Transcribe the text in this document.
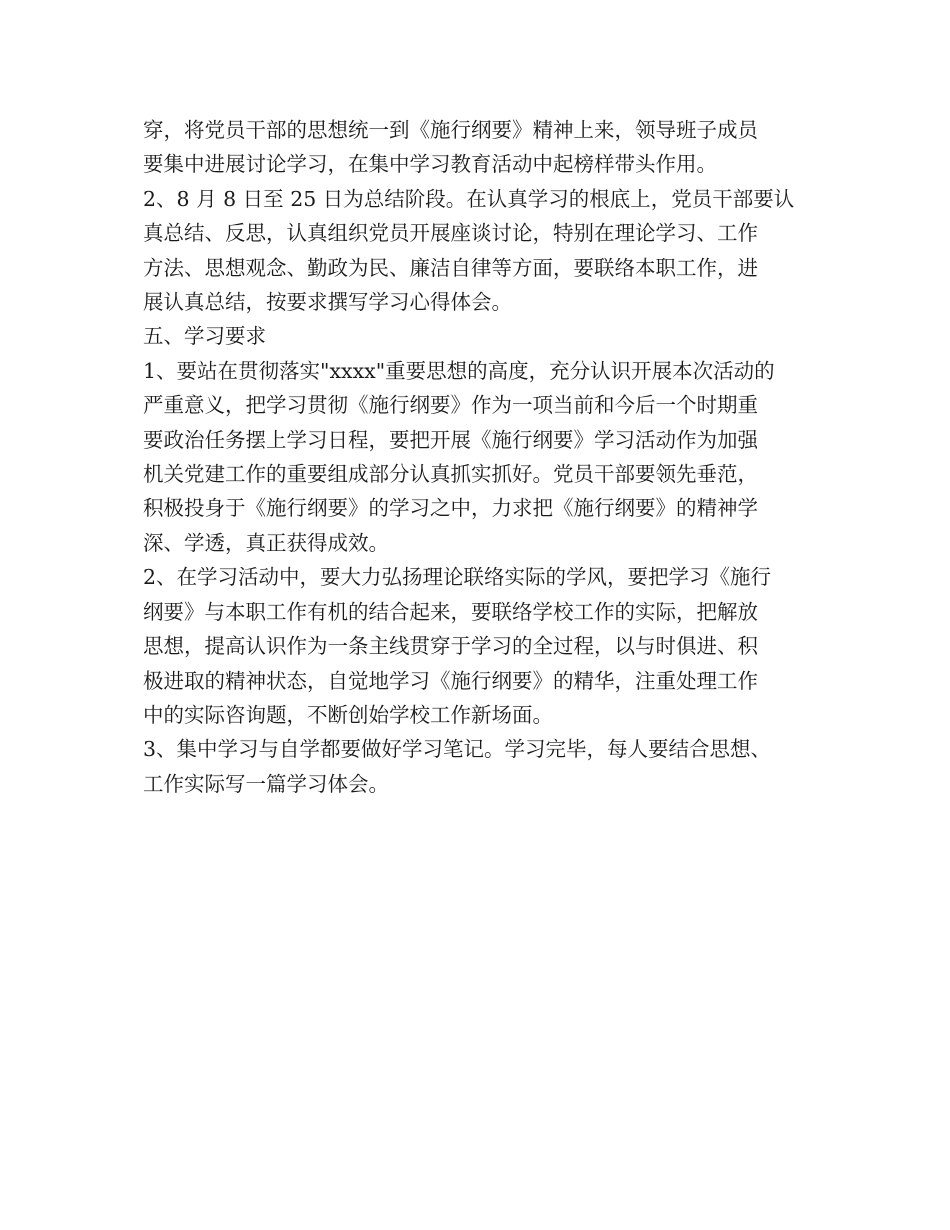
穿，将党员干部的思想统一到《施行纲要》精神上来，领导班子成员
要集中进展讨论学习，在集中学习教育活动中起榜样带头作用。
2、8 月 8 日至 25 日为总结阶段。在认真学习的根底上，党员干部要认
真总结、反思，认真组织党员开展座谈讨论，特别在理论学习、工作
方法、思想观念、勤政为民、廉洁自律等方面，要联络本职工作，进
展认真总结，按要求撰写学习心得体会。
五、学习要求
1、要站在贯彻落实"xxxx"重要思想的高度，充分认识开展本次活动的
严重意义，把学习贯彻《施行纲要》作为一项当前和今后一个时期重
要政治任务摆上学习日程，要把开展《施行纲要》学习活动作为加强
机关党建工作的重要组成部分认真抓实抓好。党员干部要领先垂范，
积极投身于《施行纲要》的学习之中，力求把《施行纲要》的精神学
深、学透，真正获得成效。
2、在学习活动中，要大力弘扬理论联络实际的学风，要把学习《施行
纲要》与本职工作有机的结合起来，要联络学校工作的实际，把解放
思想，提高认识作为一条主线贯穿于学习的全过程，以与时俱进、积
极进取的精神状态，自觉地学习《施行纲要》的精华，注重处理工作
中的实际咨询题，不断创始学校工作新场面。
3、集中学习与自学都要做好学习笔记。学习完毕，每人要结合思想、
工作实际写一篇学习体会。
